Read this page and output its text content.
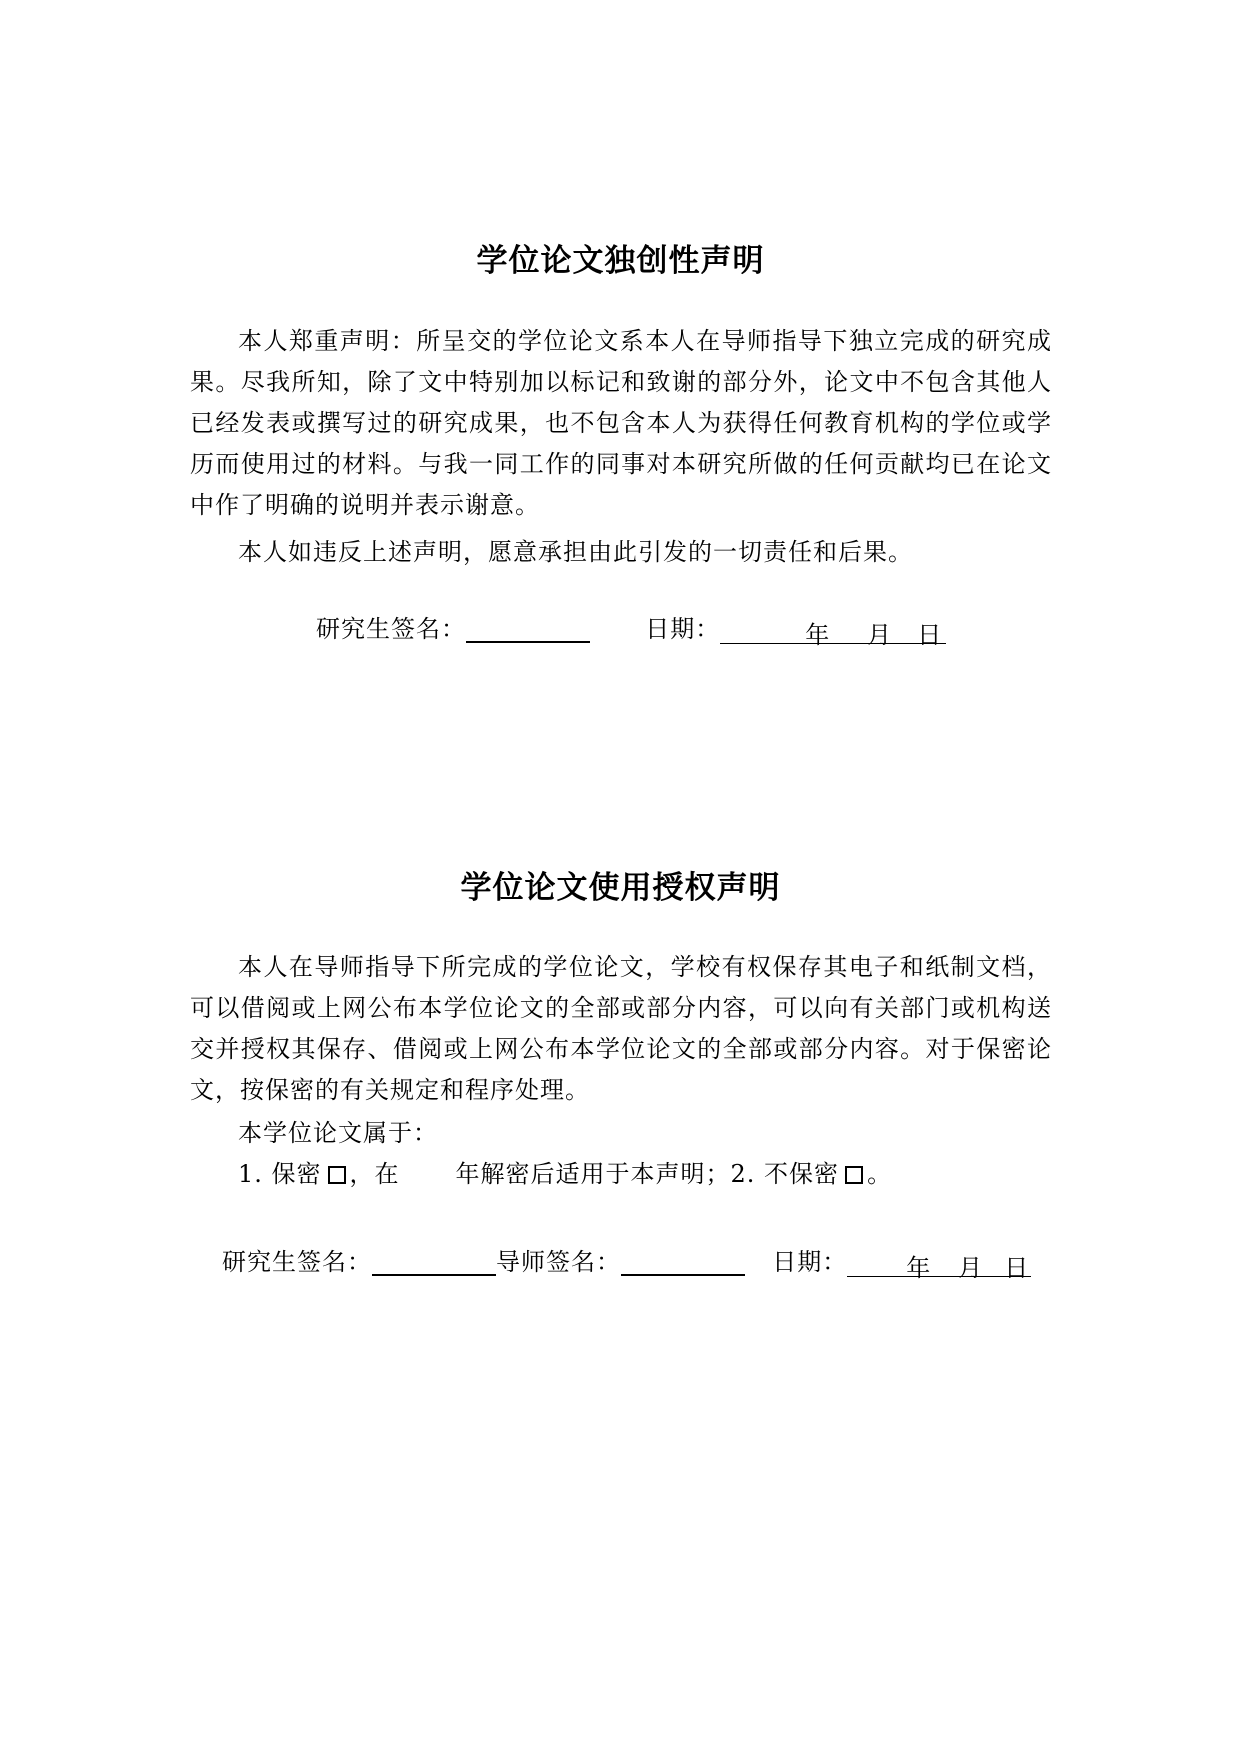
学位论文独创性声明

本人郑重声明：所呈交的学位论文系本人在导师指导下独立完成的研究成果。尽我所知，除了文中特别加以标记和致谢的部分外，论文中不包含其他人已经发表或撰写过的研究成果，也不包含本人为获得任何教育机构的学位或学历而使用过的材料。与我一同工作的同事对本研究所做的任何贡献均已在论文中作了明确的说明并表示谢意。

本人如违反上述声明，愿意承担由此引发的一切责任和后果。

研究生签名：	日期：	年 月 日
学位论文使用授权声明

本人在导师指导下所完成的学位论文，学校有权保存其电子和纸制文档，可以借阅或上网公布本学位论文的全部或部分内容，可以向有关部门或机构送交并授权其保存、借阅或上网公布本学位论文的全部或部分内容。对于保密论文，按保密的有关规定和程序处理。

本学位论文属于：
1. 保密 ，在 年解密后适用于本声明；2. 不保密 。
研究生签名：	导师签名：	日期： 年 月 日
